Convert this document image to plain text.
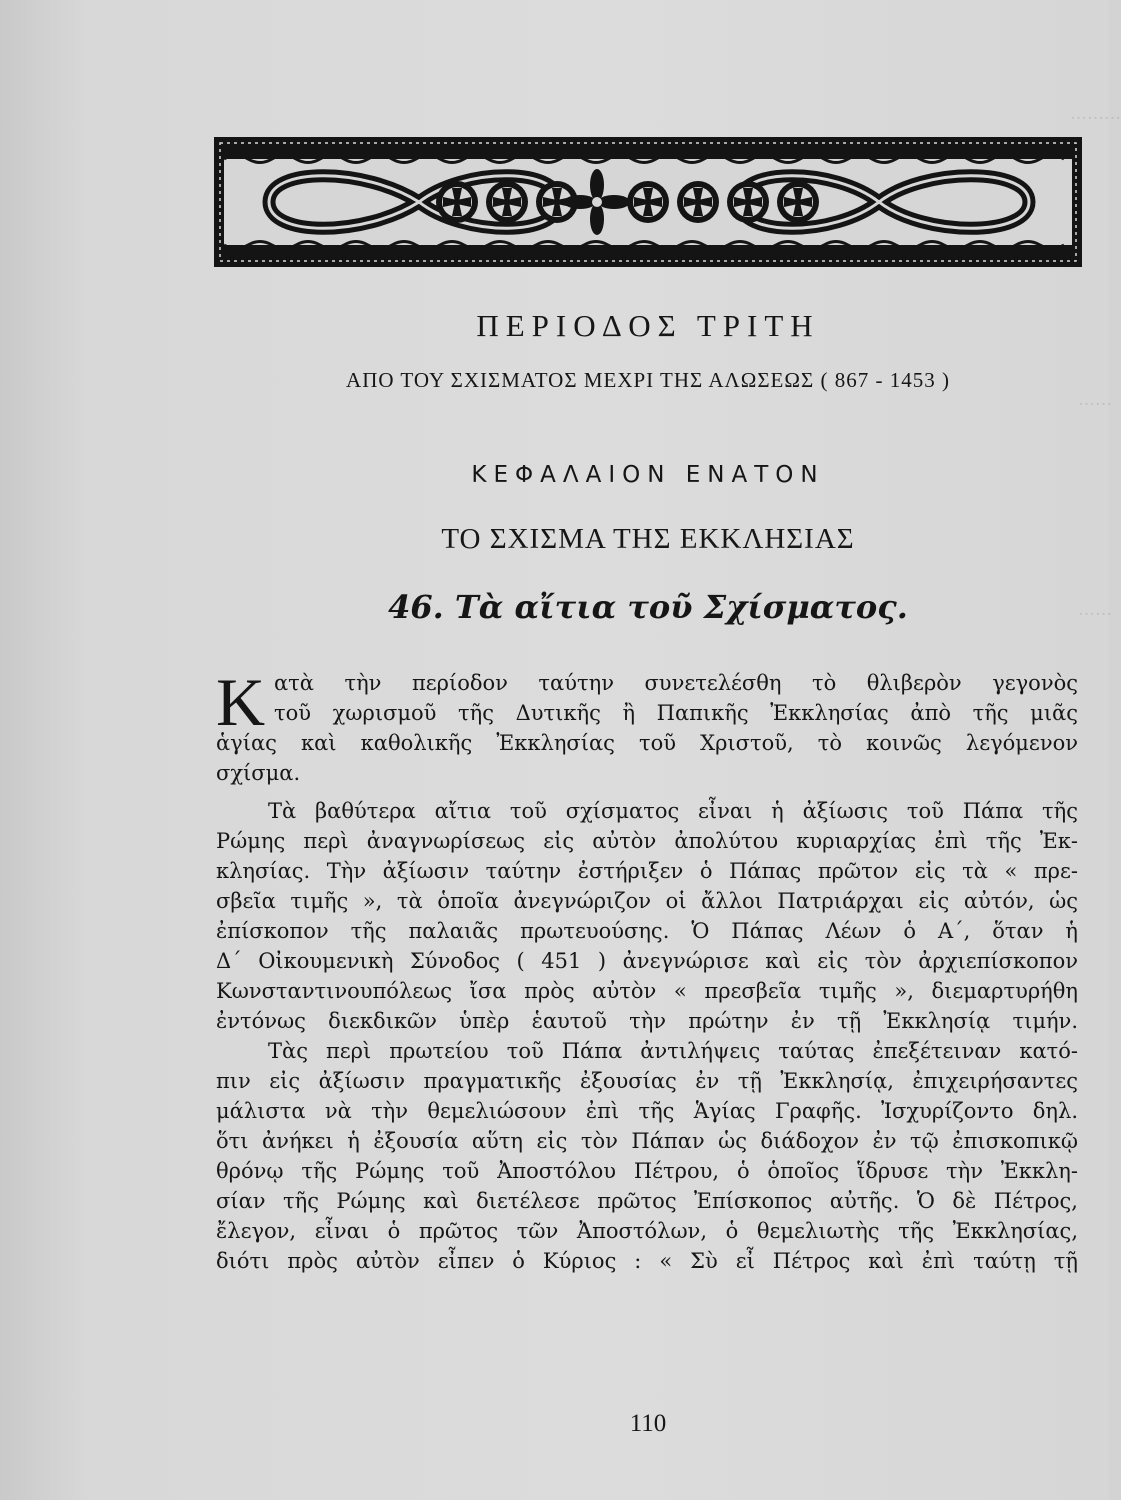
………
……
……
ΠΕΡΙΟΔΟΣ ΤΡΙΤΗ
ΑΠΟ ΤΟΥ ΣΧΙΣΜΑΤΟΣ ΜΕΧΡΙ ΤΗΣ ΑΛΩΣΕΩΣ ( 867 - 1453 )
ΚΕΦΑΛΑΙΟΝ ΕΝΑΤΟΝ
ΤΟ ΣΧΙΣΜΑ ΤΗΣ ΕΚΚΛΗΣΙΑΣ
46. Τὰ αἴτια τοῦ Σχίσματος.
Κ ατὰ τὴν περίοδον ταύτην συνετελέσθη τὸ θλιβερὸν γεγονὸς
τοῦ χωρισμοῦ τῆς Δυτικῆς ἢ Παπικῆς Ἐκκλησίας ἀπὸ τῆς μιᾶς
ἁγίας καὶ καθολικῆς Ἐκκλησίας τοῦ Χριστοῦ, τὸ κοινῶς λεγόμενον
σχίσμα.
Τὰ βαθύτερα αἴτια τοῦ σχίσματος εἶναι ἡ ἀξίωσις τοῦ Πάπα τῆς
Ρώμης περὶ ἀναγνωρίσεως εἰς αὐτὸν ἀπολύτου κυριαρχίας ἐπὶ τῆς Ἐκ-
κλησίας. Τὴν ἀξίωσιν ταύτην ἐστήριξεν ὁ Πάπας πρῶτον εἰς τὰ « πρε-
σβεῖα τιμῆς », τὰ ὁποῖα ἀνεγνώριζον οἱ ἄλλοι Πατριάρχαι εἰς αὐτόν, ὡς
ἐπίσκοπον τῆς παλαιᾶς πρωτευούσης. Ὁ Πάπας Λέων ὁ Α΄, ὅταν ἡ
Δ΄ Οἰκουμενικὴ Σύνοδος ( 451 ) ἀνεγνώρισε καὶ εἰς τὸν ἀρχιεπίσκοπον
Κωνσταντινουπόλεως ἴσα πρὸς αὐτὸν « πρεσβεῖα τιμῆς », διεμαρτυρήθη
ἐντόνως διεκδικῶν ὑπὲρ ἑαυτοῦ τὴν πρώτην ἐν τῇ Ἐκκλησίᾳ τιμήν.
Τὰς περὶ πρωτείου τοῦ Πάπα ἀντιλήψεις ταύτας ἐπεξέτειναν κατό-
πιν εἰς ἀξίωσιν πραγματικῆς ἐξουσίας ἐν τῇ Ἐκκλησίᾳ, ἐπιχειρήσαντες
μάλιστα νὰ τὴν θεμελιώσουν ἐπὶ τῆς Ἁγίας Γραφῆς. Ἰσχυρίζοντο δηλ.
ὅτι ἀνήκει ἡ ἐξουσία αὕτη εἰς τὸν Πάπαν ὡς διάδοχον ἐν τῷ ἐπισκοπικῷ
θρόνῳ τῆς Ρώμης τοῦ Ἀποστόλου Πέτρου, ὁ ὁποῖος ἵδρυσε τὴν Ἐκκλη-
σίαν τῆς Ρώμης καὶ διετέλεσε πρῶτος Ἐπίσκοπος αὐτῆς. Ὁ δὲ Πέτρος,
ἔλεγον, εἶναι ὁ πρῶτος τῶν Ἀποστόλων, ὁ θεμελιωτὴς τῆς Ἐκκλησίας,
διότι πρὸς αὐτὸν εἶπεν ὁ Κύριος : « Σὺ εἶ Πέτρος καὶ ἐπὶ ταύτῃ τῇ
110
